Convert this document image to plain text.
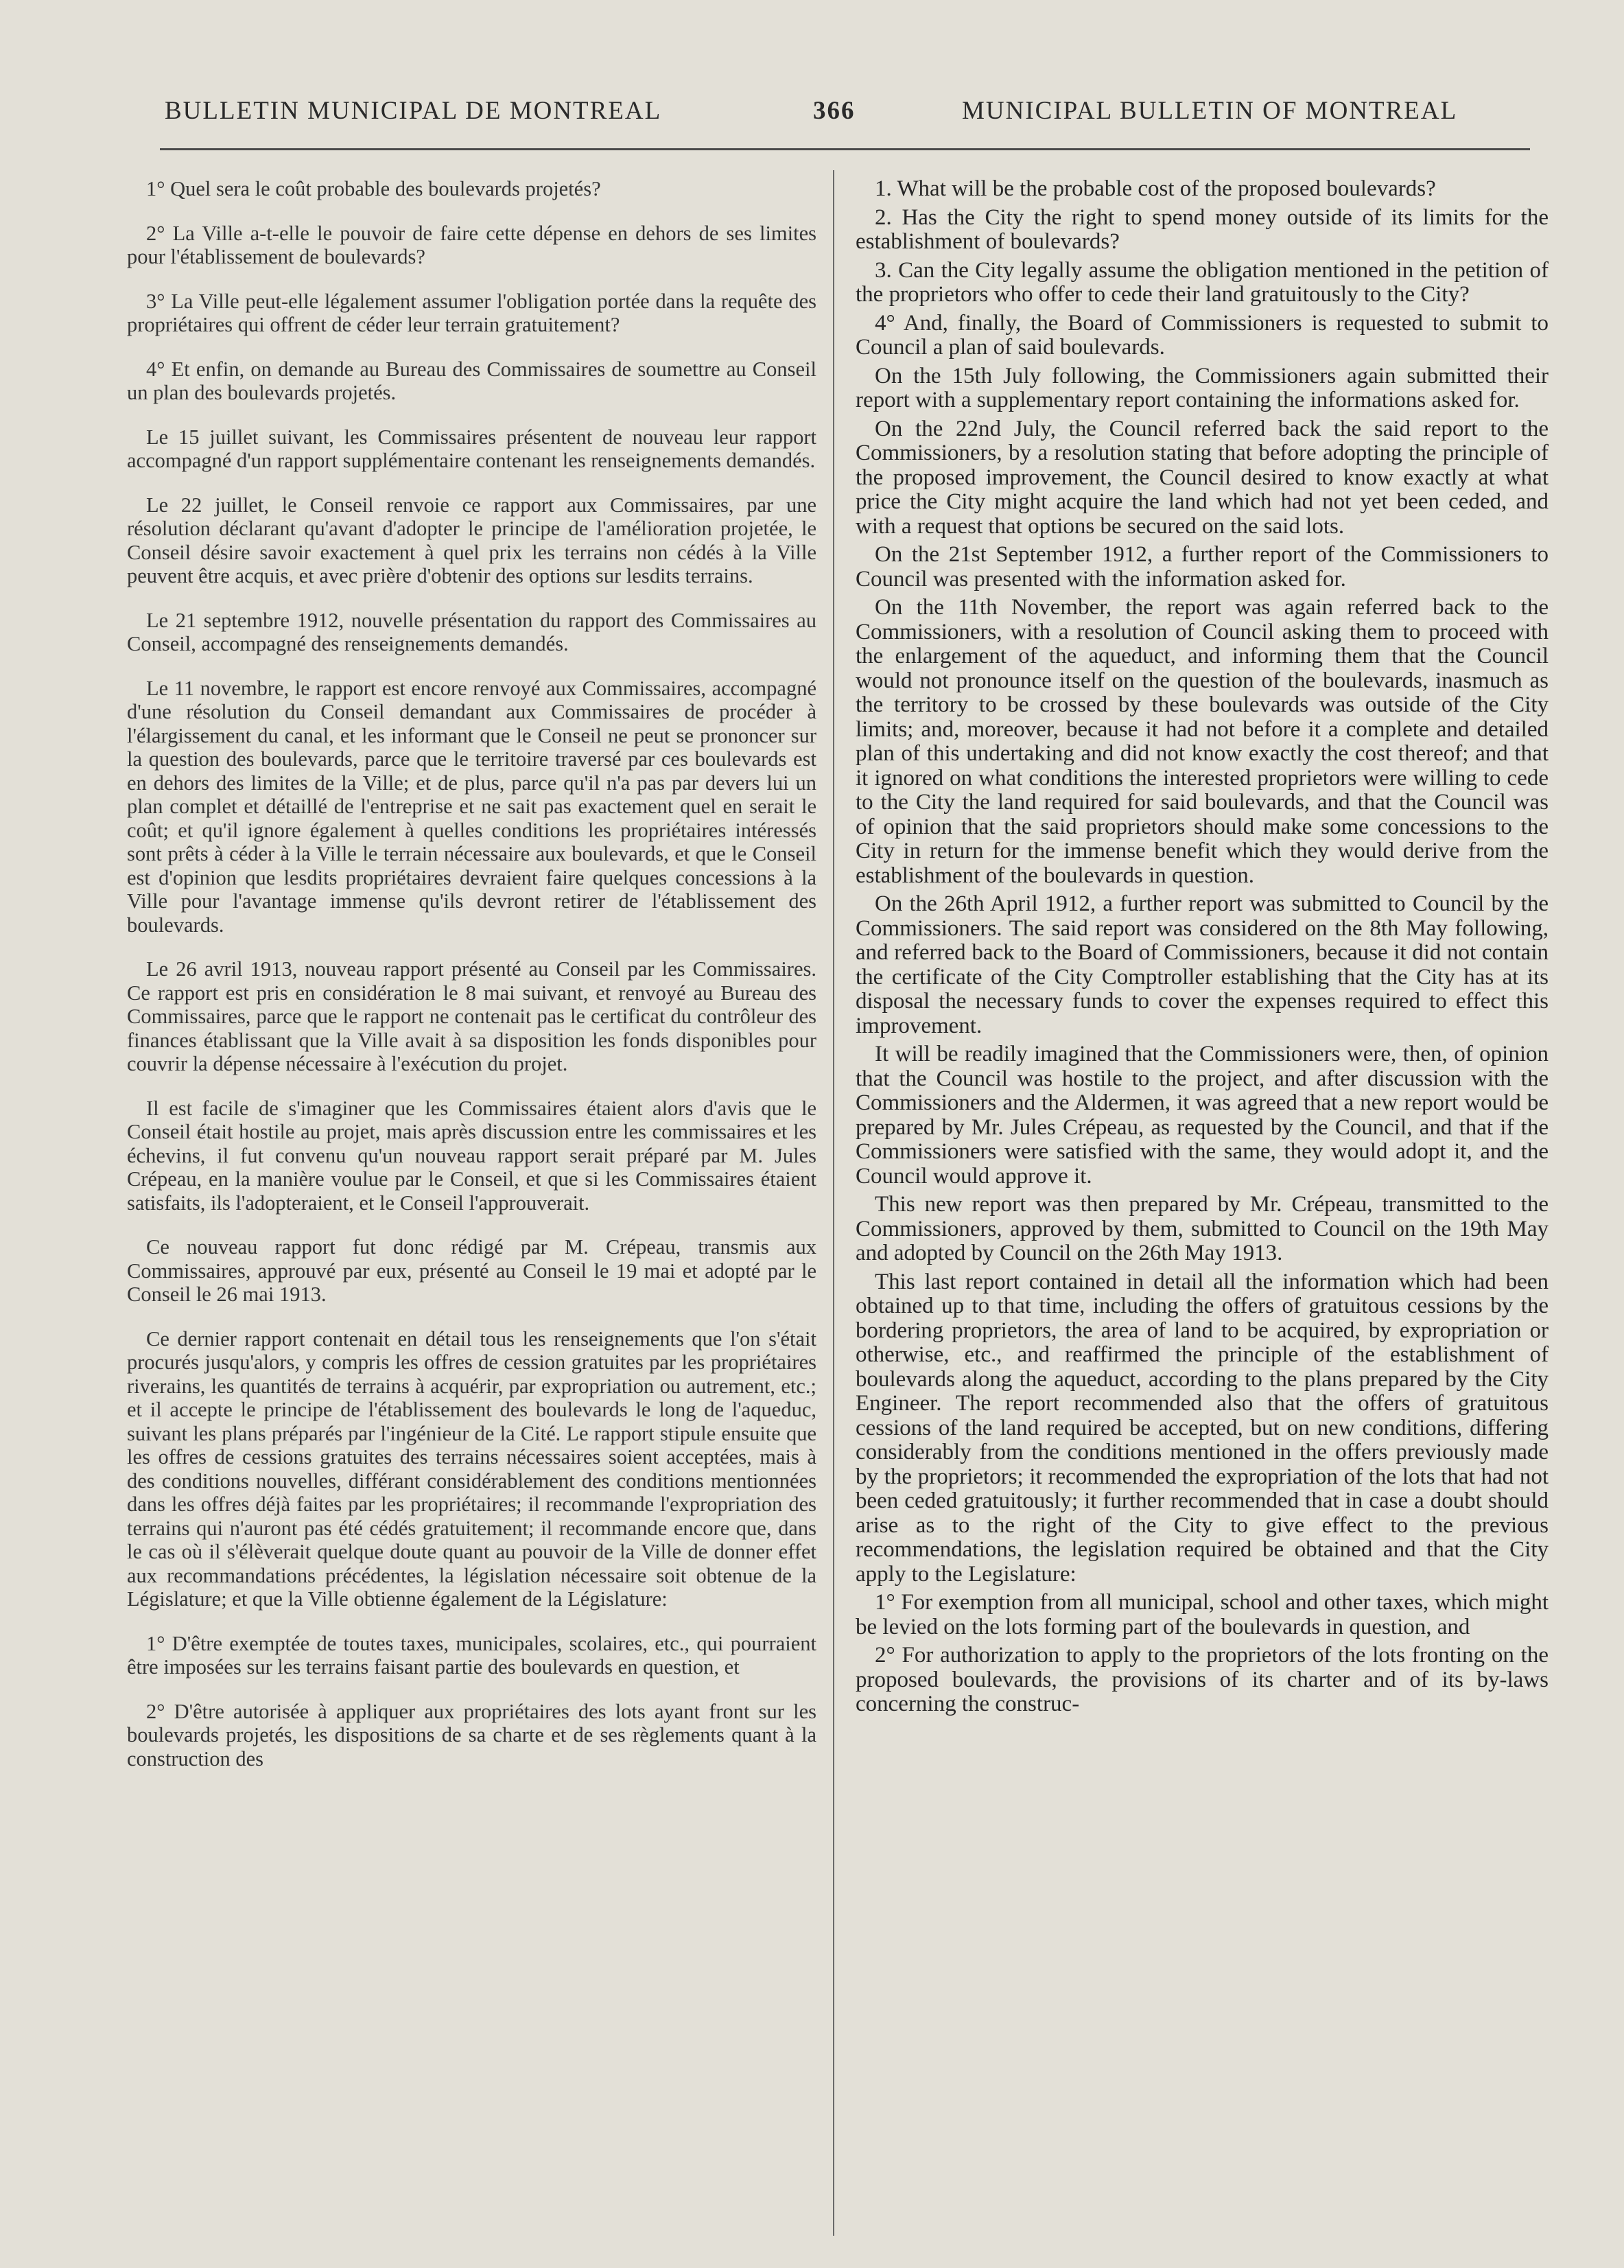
BULLETIN MUNICIPAL DE MONTREAL	366	MUNICIPAL BULLETIN OF MONTREAL

1° Quel sera le coût probable des boulevards projetés?

2° La Ville a-t-elle le pouvoir de faire cette dépense en dehors de ses limites pour l'établissement de boulevards?

3° La Ville peut-elle légalement assumer l'obligation portée dans la requête des propriétaires qui offrent de céder leur terrain gratuitement?

4° Et enfin, on demande au Bureau des Commissaires de soumettre au Conseil un plan des boulevards projetés.

Le 15 juillet suivant, les Commissaires présentent de nouveau leur rapport accompagné d'un rapport supplémentaire contenant les renseignements demandés.

Le 22 juillet, le Conseil renvoie ce rapport aux Commissaires, par une résolution déclarant qu'avant d'adopter le principe de l'amélioration projetée, le Conseil désire savoir exactement à quel prix les terrains non cédés à la Ville peuvent être acquis, et avec prière d'obtenir des options sur lesdits terrains.

Le 21 septembre 1912, nouvelle présentation du rapport des Commissaires au Conseil, accompagné des renseignements demandés.

Le 11 novembre, le rapport est encore renvoyé aux Commissaires, accompagné d'une résolution du Conseil demandant aux Commissaires de procéder à l'élargissement du canal, et les informant que le Conseil ne peut se prononcer sur la question des boulevards, parce que le territoire traversé par ces boulevards est en dehors des limites de la Ville; et de plus, parce qu'il n'a pas par devers lui un plan complet et détaillé de l'entreprise et ne sait pas exactement quel en serait le coût; et qu'il ignore également à quelles conditions les propriétaires intéressés sont prêts à céder à la Ville le terrain nécessaire aux boulevards, et que le Conseil est d'opinion que lesdits propriétaires devraient faire quelques concessions à la Ville pour l'avantage immense qu'ils devront retirer de l'établissement des boulevards.

Le 26 avril 1913, nouveau rapport présenté au Conseil par les Commissaires. Ce rapport est pris en considération le 8 mai suivant, et renvoyé au Bureau des Commissaires, parce que le rapport ne contenait pas le certificat du contrôleur des finances établissant que la Ville avait à sa disposition les fonds disponibles pour couvrir la dépense nécessaire à l'exécution du projet.

Il est facile de s'imaginer que les Commissaires étaient alors d'avis que le Conseil était hostile au projet, mais après discussion entre les commissaires et les échevins, il fut convenu qu'un nouveau rapport serait préparé par M. Jules Crépeau, en la manière voulue par le Conseil, et que si les Commissaires étaient satisfaits, ils l'adopteraient, et le Conseil l'approuverait.

Ce nouveau rapport fut donc rédigé par M. Crépeau, transmis aux Commissaires, approuvé par eux, présenté au Conseil le 19 mai et adopté par le Conseil le 26 mai 1913.

Ce dernier rapport contenait en détail tous les renseignements que l'on s'était procurés jusqu'alors, y compris les offres de cession gratuites par les propriétaires riverains, les quantités de terrains à acquérir, par expropriation ou autrement, etc.; et il accepte le principe de l'établissement des boulevards le long de l'aqueduc, suivant les plans préparés par l'ingénieur de la Cité. Le rapport stipule ensuite que les offres de cessions gratuites des terrains nécessaires soient acceptées, mais à des conditions nouvelles, différant considérablement des conditions mentionnées dans les offres déjà faites par les propriétaires; il recommande l'expropriation des terrains qui n'auront pas été cédés gratuitement; il recommande encore que, dans le cas où il s'élèverait quelque doute quant au pouvoir de la Ville de donner effet aux recommandations précédentes, la législation nécessaire soit obtenue de la Législature; et que la Ville obtienne également de la Législature:

1° D'être exemptée de toutes taxes, municipales, scolaires, etc., qui pourraient être imposées sur les terrains faisant partie des boulevards en question, et

2° D'être autorisée à appliquer aux propriétaires des lots ayant front sur les boulevards projetés, les dispositions de sa charte et de ses règlements quant à la construction des

1. What will be the probable cost of the proposed boulevards?

2. Has the City the right to spend money outside of its limits for the establishment of boulevards?

3. Can the City legally assume the obligation mentioned in the petition of the proprietors who offer to cede their land gratuitously to the City?

4° And, finally, the Board of Commissioners is requested to submit to Council a plan of said boulevards.

On the 15th July following, the Commissioners again submitted their report with a supplementary report containing the informations asked for.

On the 22nd July, the Council referred back the said report to the Commissioners, by a resolution stating that before adopting the principle of the proposed improvement, the Council desired to know exactly at what price the City might acquire the land which had not yet been ceded, and with a request that options be secured on the said lots.

On the 21st September 1912, a further report of the Commissioners to Council was presented with the information asked for.

On the 11th November, the report was again referred back to the Commissioners, with a resolution of Council asking them to proceed with the enlargement of the aqueduct, and informing them that the Council would not pronounce itself on the question of the boulevards, inasmuch as the territory to be crossed by these boulevards was outside of the City limits; and, moreover, because it had not before it a complete and detailed plan of this undertaking and did not know exactly the cost thereof; and that it ignored on what conditions the interested proprietors were willing to cede to the City the land required for said boulevards, and that the Council was of opinion that the said proprietors should make some concessions to the City in return for the immense benefit which they would derive from the establishment of the boulevards in question.

On the 26th April 1912, a further report was submitted to Council by the Commissioners. The said report was considered on the 8th May following, and referred back to the Board of Commissioners, because it did not contain the certificate of the City Comptroller establishing that the City has at its disposal the necessary funds to cover the expenses required to effect this improvement.

It will be readily imagined that the Commissioners were, then, of opinion that the Council was hostile to the project, and after discussion with the Commissioners and the Aldermen, it was agreed that a new report would be prepared by Mr. Jules Crépeau, as requested by the Council, and that if the Commissioners were satisfied with the same, they would adopt it, and the Council would approve it.

This new report was then prepared by Mr. Crépeau, transmitted to the Commissioners, approved by them, submitted to Council on the 19th May and adopted by Council on the 26th May 1913.

This last report contained in detail all the information which had been obtained up to that time, including the offers of gratuitous cessions by the bordering proprietors, the area of land to be acquired, by expropriation or otherwise, etc., and reaffirmed the principle of the establishment of boulevards along the aqueduct, according to the plans prepared by the City Engineer. The report recommended also that the offers of gratuitous cessions of the land required be accepted, but on new conditions, differing considerably from the conditions mentioned in the offers previously made by the proprietors; it recommended the expropriation of the lots that had not been ceded gratuitously; it further recommended that in case a doubt should arise as to the right of the City to give effect to the previous recommendations, the legislation required be obtained and that the City apply to the Legislature:

1° For exemption from all municipal, school and other taxes, which might be levied on the lots forming part of the boulevards in question, and

2° For authorization to apply to the proprietors of the lots fronting on the proposed boulevards, the provisions of its charter and of its by-laws concerning the construc-
